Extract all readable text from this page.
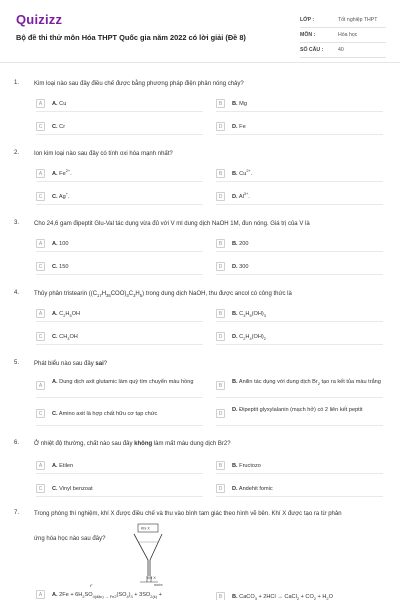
Quizizz
Bộ đề thi thử môn Hóa THPT Quốc gia năm 2022 có lời giải (Đề 8)
LỚP :	Tốt nghiệp THPT
MÔN :	Hóa học
SỐ CÂU :	40
1. Kim loại nào sau đây điều chế được bằng phương pháp điện phân nóng chảy?
A	A. Cu	B	B. Mg
C	C. Cr	D	D. Fe
2. Ion kim loại nào sau đây có tính oxi hóa mạnh nhất?
A	A. $Fe^{2+}$.	B	B. $Cu^{2+}$.
C	C. Ag+.	D	D. $Al^{3+}$.
3. Cho 24,6 gam đipeptit Glu-Val tác dụng vừa đủ với V ml dung dịch NaOH 1M, đun nóng. Giá trị của V là
A	A. 100	B	B. 200
C	C. 150	D	D. 300
4. Thủy phân tristearin $((C_{17}H_{35}COO)_3C_3H_5)$ trong dung dịch NaOH, thu được ancol có công thức là
A	A. $C_2H_5OH$	B	B. $C_3H_5(OH)_3$
C	C. $CH_3OH$	D	D. $C_2H_4(OH)_2$
5. Phát biểu nào sau đây sai?
A
A. Dung dịch axit glutamic làm quỳ tím chuyển màu hồng
B
B. Anilin tác dụng với dung dịch $Br_2$ tạo ra kết tủa màu trắng
C	C. Amino axit là hợp chất hữu cơ tạp chức	D
D. Đipeptit glyxylalanin (mạch hở) có 2 liên kết peptit
6. Ở nhiệt độ thường, chất nào sau đây không làm mất màu dung dịch Br2?
A	A. Etilen	B	B. Fructozo
C	C. Vinyl benzoat	D	D. Andehit fomic
7. Trong phòng thí nghiệm, khí X được điều chế và thu vào bình tam giác theo hình vẽ bên. Khí X được tạo ra từ phản
ứng hóa học nào sau đây?
Khí X
Khí X
nước
A	A. $2Fe + 6H_2SO_{4(đặc) \to Fe2}(SO_4)_3 + 3SO_{2(k)}$ +	B	B. CaCO$_3$ + 2HCl → CaCl$_2$ + $CO_2 + H_2O$
t°
